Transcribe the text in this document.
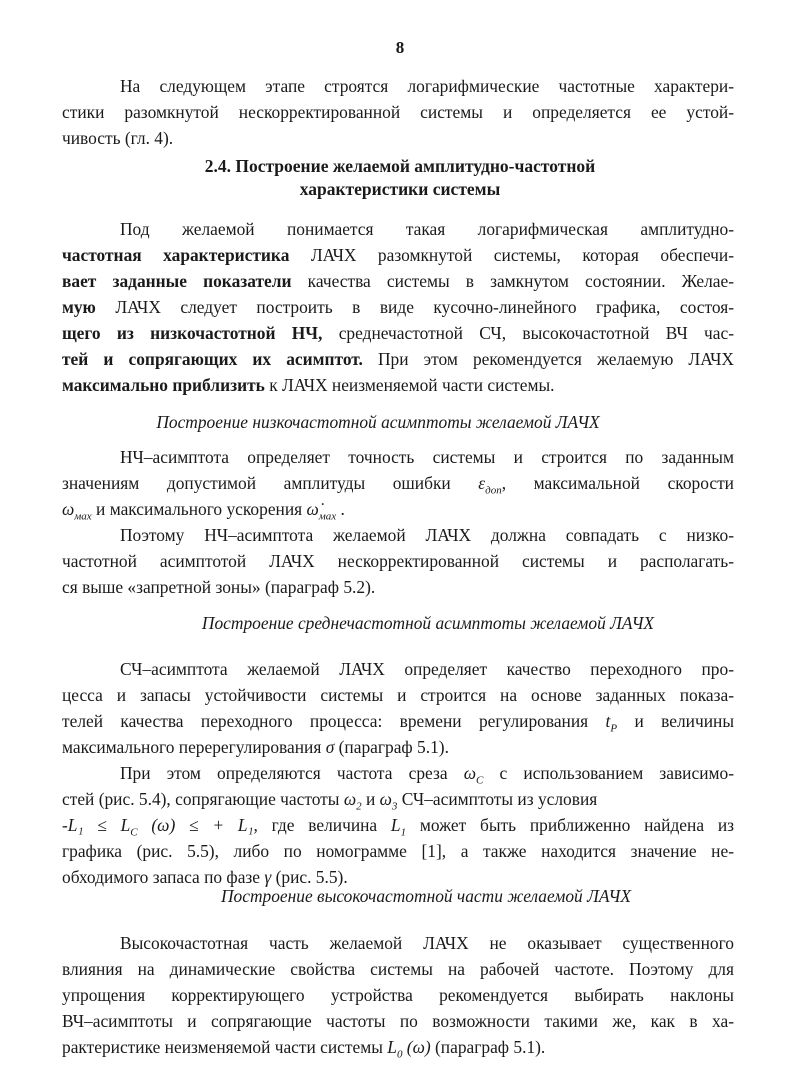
8
На следующем этапе строятся логарифмические частотные характери-
стики разомкнутой нескорректированной системы и определяется ее устой-
чивость (гл. 4).
2.4. Построение желаемой амплитудно-частотной
характеристики системы
Под желаемой понимается такая логарифмическая амплитудно-
частотная характеристика ЛАЧХ разомкнутой системы, которая обеспечи-
вает заданные показатели качества системы в замкнутом состоянии. Желае-
мую ЛАЧХ следует построить в виде кусочно-линейного графика, состоя-
щего из низкочастотной НЧ, среднечастотной СЧ, высокочастотной ВЧ час-
тей и сопрягающих их асимптот. При этом рекомендуется желаемую ЛАЧХ
максимально приблизить к ЛАЧХ неизменяемой части системы.
Построение низкочастотной асимптоты желаемой ЛАЧХ
НЧ–асимптота определяет точность системы и строится по заданным
значениям допустимой амплитуды ошибки $\varepsilon_{доп}$, максимальной скорости
$\omega_{мах}$ и максимального ускорения $\omegȧ_{мах}$ .
Поэтому НЧ–асимптота желаемой ЛАЧХ должна совпадать с низко-
частотной асимптотой ЛАЧХ нескорректированной системы и располагать-
ся выше «запретной зоны» (параграф 5.2).
Построение среднечастотной асимптоты желаемой ЛАЧХ
СЧ–асимптота желаемой ЛАЧХ определяет качество переходного про-
цесса и запасы устойчивости системы и строится на основе заданных показа-
телей качества переходного процесса: времени регулирования $t_P$ и величины
максимального перерегулирования σ (параграф 5.1).
При этом определяются частота среза $\omega_C$ с использованием зависимо-
стей (рис. 5.4), сопрягающие частоты $\omega_2$ и $\omega_3$ СЧ–асимптоты из условия
$-L_1 \le L_C$ (ω) ≤ + L₁, где величина $L_1$ может быть приближенно найдена из
графика (рис. 5.5), либо по номограмме [1], а также находится значение не-
обходимого запаса по фазе γ (рис. 5.5).
Построение высокочастотной части желаемой ЛАЧХ
Высокочастотная часть желаемой ЛАЧХ не оказывает существенного
влияния на динамические свойства системы на рабочей частоте. Поэтому для
упрощения корректирующего устройства рекомендуется выбирать наклоны
ВЧ–асимптоты и сопрягающие частоты по возможности такими же, как в ха-
рактеристике неизменяемой части системы $L_0$ (ω) (параграф 5.1).
